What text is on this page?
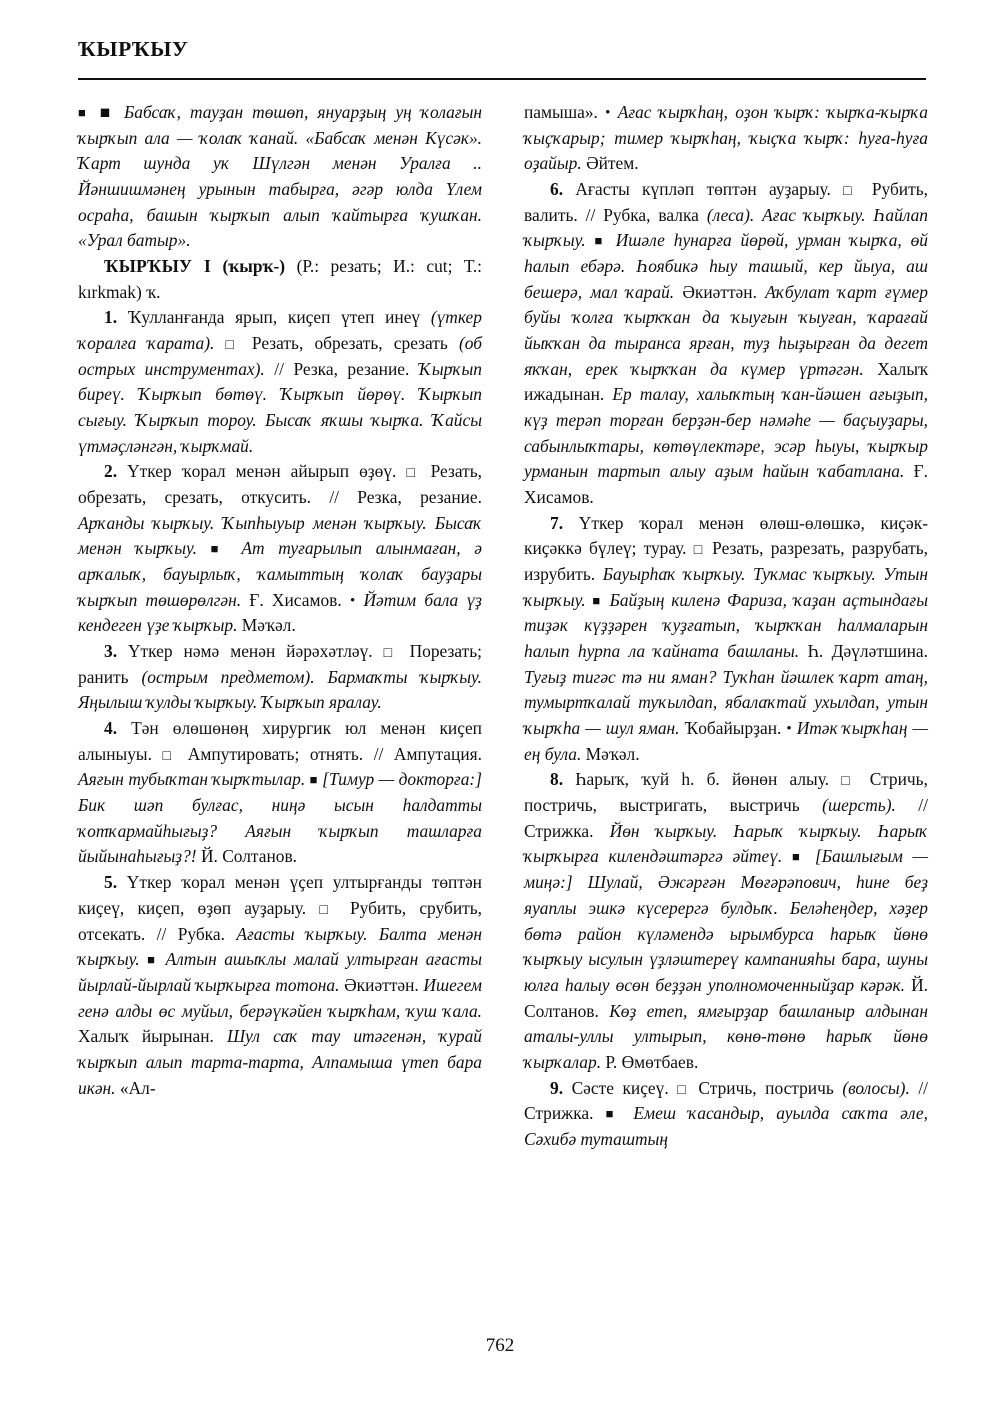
ҠЫРҠЫУ

■ ■ Бабсаҡ, тауҙан төшөп, януарҙың уң ҡолағын ҡырҡып ала — ҡолаҡ ҡанай. «Бабсаҡ менән Күсәк». Ҡарт шунда уҡ Шүлгән менән Уралға .. Йәншишмәнең урынын табырға, әгәр юлда Үлем осраһа, башын ҡырҡып алып ҡайтырға ҡушҡан. «Урал батыр».

ҠЫРҠЫУ I (ҡырҡ-) (Р.: резать; И.: cut; Т.: kırkmak) ҡ.

1. Ҡулланғанда ярып, киҫеп үтеп инеү (үткер ҡоралға ҡарата). □ Резать, обрезать, срезать (об острых инструментах). // Резка, резание. Ҡырҡып биреү. Ҡырҡып бөтөү. Ҡырҡып йөрөү. Ҡырҡып сығыу. Ҡырҡып тороу. Бысаҡ яҡшы ҡырҡа. Ҡайсы үтмәҫләнгән, ҡырҡмай.

2. Үткер ҡорал менән айырып өҙөү. □ Резать, обрезать, срезать, откусить. // Резка, резание. Арҡанды ҡырҡыу. Ҡыпһыуыр менән ҡырҡыу. Бысаҡ менән ҡырҡыу. ■	Ат туғарылып алынмаған, ә арҡалыҡ, бауырлыҡ, ҡамыттың ҡолаҡ бауҙары ҡырҡып төшөрөлгән. Ғ. Хисамов. • Йәтим бала үҙ кендеген үҙе ҡырҡыр. Мәҡәл.

3. Үткер нәмә менән йәрәхәтләү. □ Порезать; ранить (острым предметом). Бармаҡты ҡырҡыу. Яңылыш ҡулды ҡырҡыу. Ҡырҡып яралау.

4. Тән өлөшөнөң хирургик юл менән киҫеп алыныуы. □ Ампутировать; отнять. // Ампутация. Аяғын тубыҡтан ҡырҡтылар. ■ [Тимур — докторға:] Бик шәп булғас, ниңә ысын һалдатты ҡотҡармайһығыҙ? Аяғын ҡырҡып ташларға йыйынаһығыҙ?! Й. Солтанов.

5. Үткер ҡорал менән үҫеп ултырғанды төптән киҫеү, киҫеп, өҙөп ауҙарыу. □	Рубить, срубить, отсекать. // Рубка. Ағасты ҡырҡыу. Балта менән ҡырҡыу. ■ Алтын ашыҡлы малай ултырған ағасты йырлай-йырлай ҡырҡырға тотона. Әкиәттән. Ишегем генә алды өс муйыл, берәүкәйен ҡырҡһам, ҡуш ҡала. Халыҡ йырынан. Шул саҡ тау итәгенән, ҡурай ҡырҡып алып тарта-тарта, Алпамыша үтеп бара икән. «Ал-

памыша». • Ағас ҡырҡһаң, оҙон ҡырҡ: ҡырҡа-ҡырҡа ҡыҫҡарыр; тимер ҡырҡһаң, ҡыҫҡа ҡырҡ: һуға-һуға оҙайыр. Әйтем.

6. Ағасты күпләп төптән ауҙарыу. □ Рубить, валить. // Рубка, валка (леса). Ағас ҡырҡыу. Һайлап ҡырҡыу. ■ Ишәле һунарға йөрөй, урман ҡырҡа, өй һалып ебәрә. Һоябикә һыу ташый, кер йыуа, аш бешерә, мал ҡарай. Әкиәттән. Аҡбулат ҡарт ғүмер буйы ҡолға ҡырҡҡан да ҡыуғын ҡыуған, ҡарағай йыҡҡан да тыранса ярған, туҙ һыҙырған да дегет яҡҡан, ерек ҡырҡҡан да күмер үртәгән. Халыҡ ижадынан. Ер талау, халыҡтың ҡан-йәшен ағыҙып, күҙ терәп торған берҙән-бер нәмәһе — баҫыуҙары, сабынлыҡтары, көтөүлектәре, эсәр һыуы, ҡырҡыр урманын тартып алыу аҙым һайын ҡабатлана. Ғ. Хисамов.

7. Үткер ҡорал менән өлөш-өлөшкә, киҫәк-киҫәккә бүлеү; турау. □ Резать, разрезать, разрубать, изрубить. Бауырһаҡ ҡырҡыу. Туҡмас ҡырҡыу. Утын ҡырҡыу. ■ Байҙың киленә Фариза, ҡаҙан аҫтындағы тиҙәк күҙҙәрен ҡуҙғатып, ҡырҡҡан һалмаларын һалып һурпа ла ҡайната башланы. Һ. Дәүләтшина. Туғыҙ тигәс тә ни яман? Туҡһан йәшлек ҡарт атаң, тумыртҡалай туҡылдап, ябалаҡтай ухылдап, утын ҡырҡһа — шул яман. Ҡобайырҙан. • Итәк ҡырҡһаң — ең була. Мәҡәл.

8. Һарыҡ, ҡуй һ. б. йөнөн алыу. □ Стричь, постричь, выстригать, выстричь (шерсть). // Стрижка. Йөн ҡырҡыу. Һарыҡ ҡырҡыу. Һарыҡ ҡырҡырға килендәштәргә әйтеү. ■ [Башлығым — миңә:] Шулай, Әжәрғән Мөғәрәпович, һине беҙ яуаплы эшкә күсерергә булдыҡ. Беләһеңдер, хәҙер бөтә район күләмендә ырымбурса һарыҡ йөнө ҡырҡыу ысулын үҙләштереү кампанияһы бара, шуны юлға һалыу өсөн беҙҙән уполномоченныйҙар кәрәк. Й. Солтанов. Көҙ етеп, ямғырҙар башланыр алдынан аталы-уллы ултырып, көнө-төнө һарыҡ йөнө ҡырҡалар. Р. Өмөтбаев.

9. Сәсте киҫеү. □ Стричь, постричь (волосы). // Стрижка. ■ Емеш ҡасандыр, ауылда саҡта әле, Сәхибә туташтың

762
